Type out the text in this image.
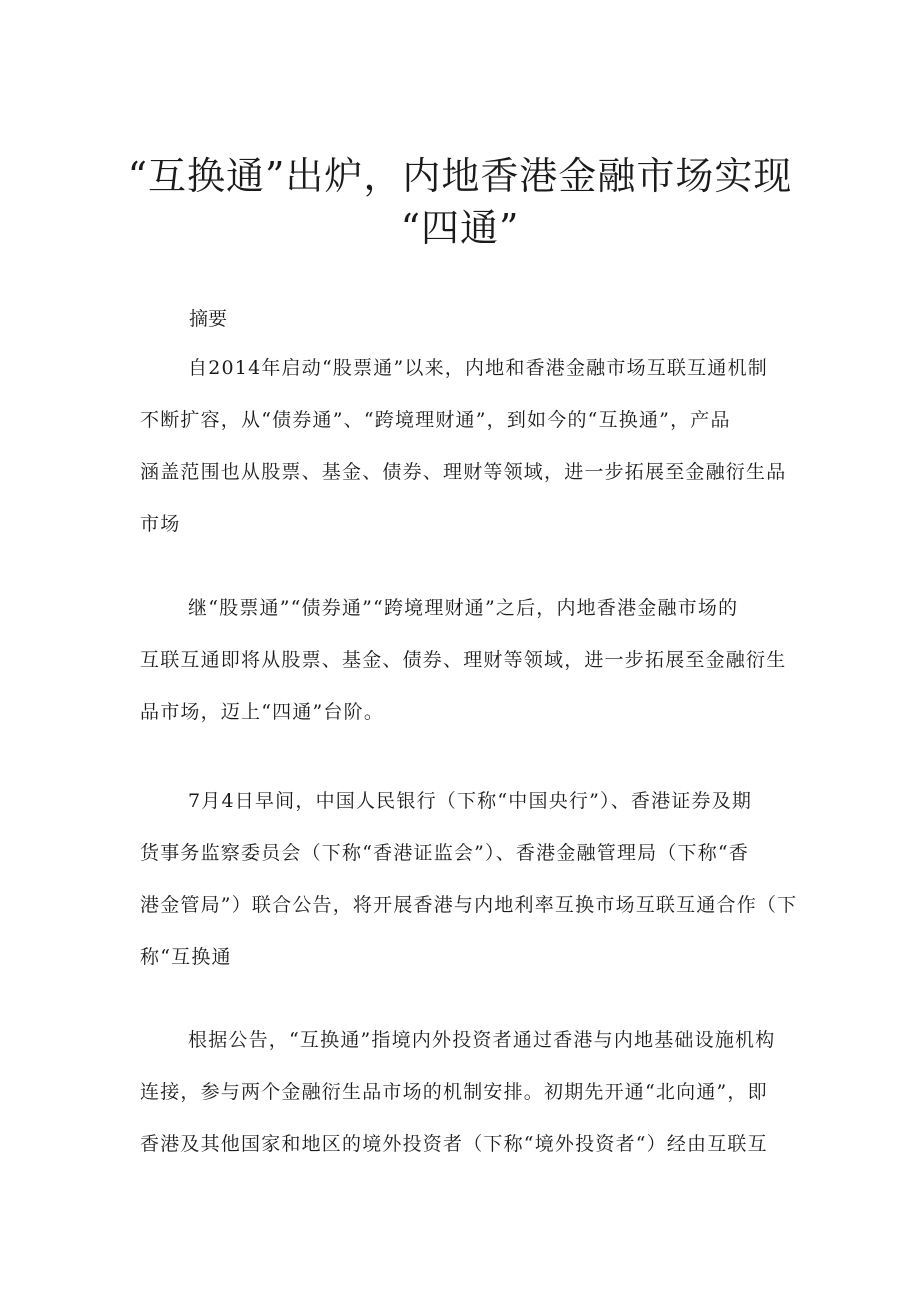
“互换通”出炉，内地香港金融市场实现
“四通”
摘要

自2014年启动“股票通”以来，内地和香港金融市场互联互通机制
不断扩容，从“债券通”、“跨境理财通”，到如今的“互换通”，产品
涵盖范围也从股票、基金、债券、理财等领域，进一步拓展至金融衍生品
市场

继“股票通”“债券通”“跨境理财通”之后，内地香港金融市场的
互联互通即将从股票、基金、债券、理财等领域，进一步拓展至金融衍生
品市场，迈上“四通”台阶。

7月4日早间，中国人民银行（下称“中国央行”）、香港证券及期
货事务监察委员会（下称“香港证监会”）、香港金融管理局（下称“香
港金管局”）联合公告，将开展香港与内地利率互换市场互联互通合作（下
称“互换通

根据公告，“互换通”指境内外投资者通过香港与内地基础设施机构
连接，参与两个金融衍生品市场的机制安排。初期先开通“北向通”，即
香港及其他国家和地区的境外投资者（下称“境外投资者“）经由互联互
